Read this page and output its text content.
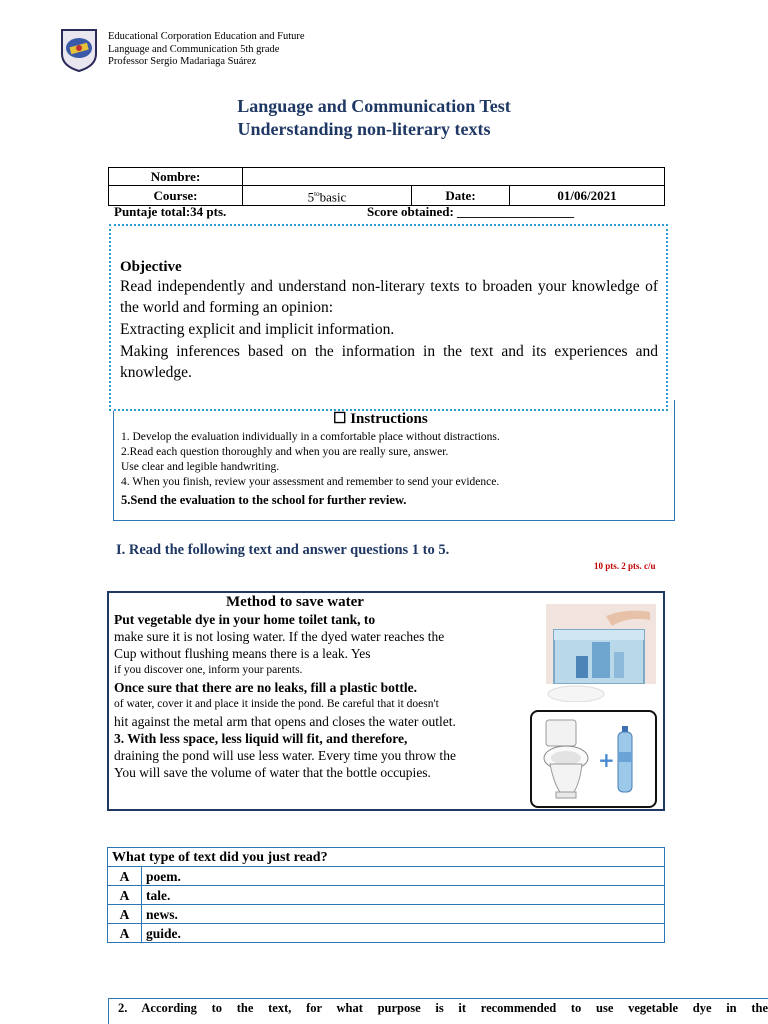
Educational Corporation Education and Future
Language and Communication 5th grade
Professor Sergio Madariaga Suárez
Language and Communication Test
Understanding non-literary texts
Nombre:			
Course:	$5^{to}basic$	Date:	01/06/2021
Puntaje total:34 pts.	Score obtained: __________________
☐ Instructions
1. Develop the evaluation individually in a comfortable place without distractions.
2.Read each question thoroughly and when you are really sure, answer.
Use clear and legible handwriting.
4. When you finish, review your assessment and remember to send your evidence.
5.Send the evaluation to the school for further review.
Objective
Read independently and understand non-literary texts to broaden your knowledge of the world and forming an opinion:
Extracting explicit and implicit information.
Making inferences based on the information in the text and its experiences and knowledge.
I. Read the following text and answer questions 1 to 5.
10 pts. 2 pts. c/u
Method to save water
Put vegetable dye in your home toilet tank, to
make sure it is not losing water. If the dyed water reaches the
Cup without flushing means there is a leak. Yes
if you discover one, inform your parents.
Once sure that there are no leaks, fill a plastic bottle.
of water, cover it and place it inside the pond. Be careful that it doesn't
hit against the metal arm that opens and closes the water outlet.
3. With less space, less liquid will fit, and therefore,
draining the pond will use less water. Every time you throw the
You will save the volume of water that the bottle occupies.
+
What type of text did you just read?	
A	poem.
A	tale.
A	news.
A	guide.
2.   According   to   the   text,   for   what   purpose   is   it   recommended   to   use   vegetable   dye   in   the
